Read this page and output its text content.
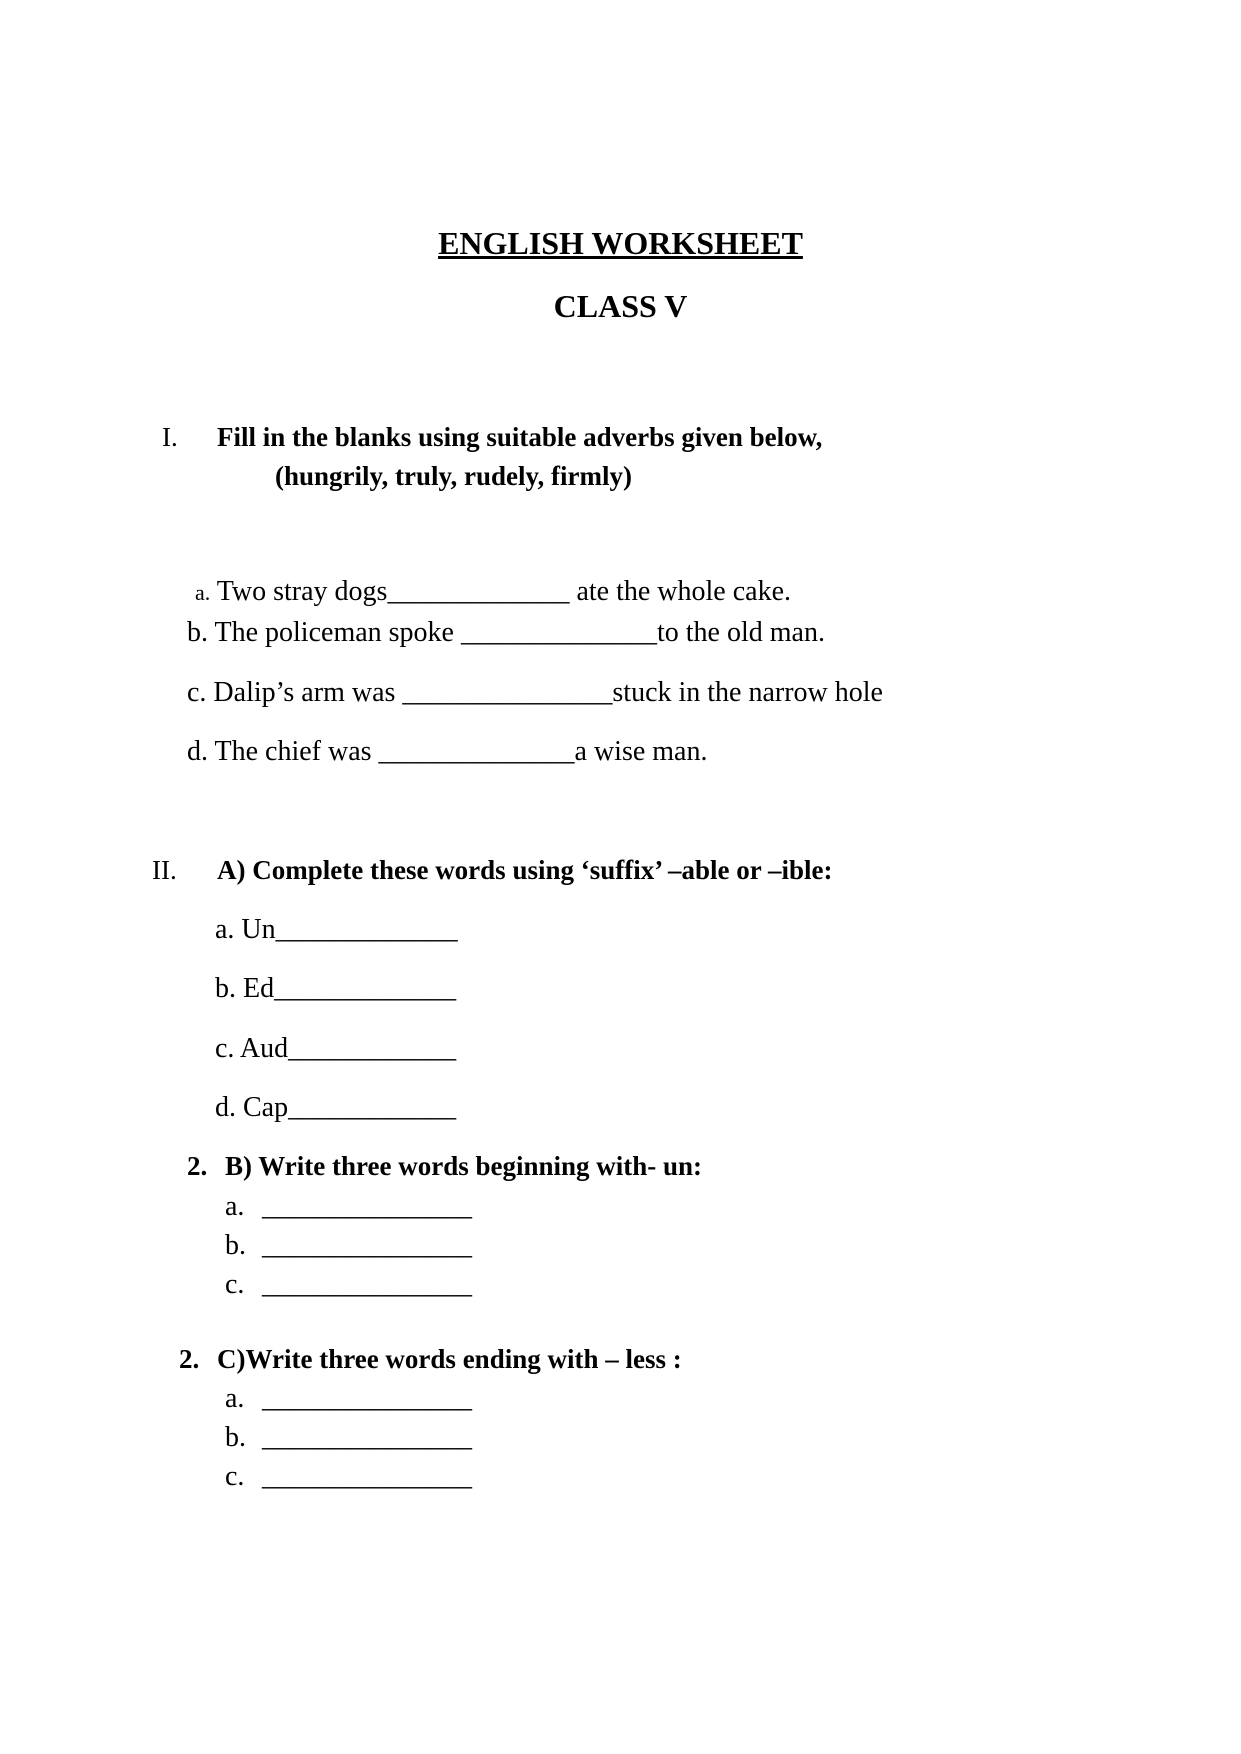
ENGLISH WORKSHEET
CLASS V
I. Fill in the blanks using suitable adverbs given below,
(hungrily, truly, rudely, firmly)

a. Two stray dogs_____________ ate the whole cake.

b. The policeman spoke ______________to the old man.
c. Dalip’s arm was _______________stuck in the narrow hole
d. The chief was ______________a wise man.
II. A) Complete these words using ‘suffix’ –able or –ible:
a. Un_____________
b. Ed_____________
c. Aud____________
d. Cap____________
2. B) Write three words beginning with- un:
a. _______________
b. _______________
c. _______________
2. C)Write three words ending with – less :
a. _______________
b. _______________
c. _______________
